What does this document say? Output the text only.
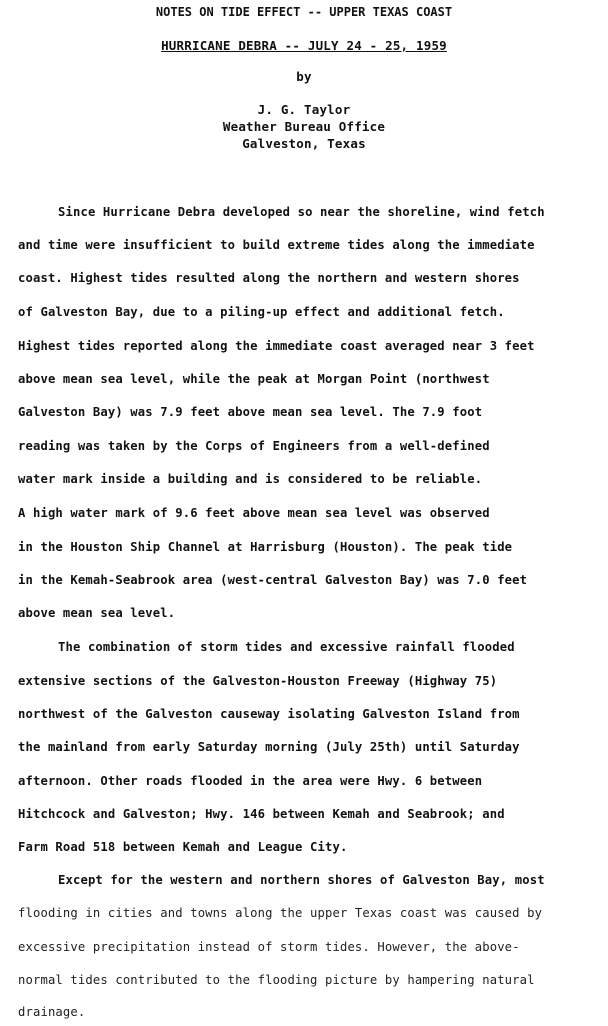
NOTES ON TIDE EFFECT -- UPPER TEXAS COAST
HURRICANE DEBRA -- JULY 24 - 25, 1959
by
J. G. Taylor
Weather Bureau Office
Galveston, Texas
Since Hurricane Debra developed so near the shoreline, wind fetch
and time were insufficient to build extreme tides along the immediate
coast. Highest tides resulted along the northern and western shores
of Galveston Bay, due to a piling-up effect and additional fetch.
Highest tides reported along the immediate coast averaged near 3 feet
above mean sea level, while the peak at Morgan Point (northwest
Galveston Bay) was 7.9 feet above mean sea level. The 7.9 foot
reading was taken by the Corps of Engineers from a well-defined
water mark inside a building and is considered to be reliable.
A high water mark of 9.6 feet above mean sea level was observed
in the Houston Ship Channel at Harrisburg (Houston). The peak tide
in the Kemah-Seabrook area (west-central Galveston Bay) was 7.0 feet
above mean sea level.
The combination of storm tides and excessive rainfall flooded
extensive sections of the Galveston-Houston Freeway (Highway 75)
northwest of the Galveston causeway isolating Galveston Island from
the mainland from early Saturday morning (July 25th) until Saturday
afternoon. Other roads flooded in the area were Hwy. 6 between
Hitchcock and Galveston; Hwy. 146 between Kemah and Seabrook; and
Farm Road 518 between Kemah and League City.
Except for the western and northern shores of Galveston Bay, most
flooding in cities and towns along the upper Texas coast was caused by
excessive precipitation instead of storm tides. However, the above-
normal tides contributed to the flooding picture by hampering natural
drainage.
